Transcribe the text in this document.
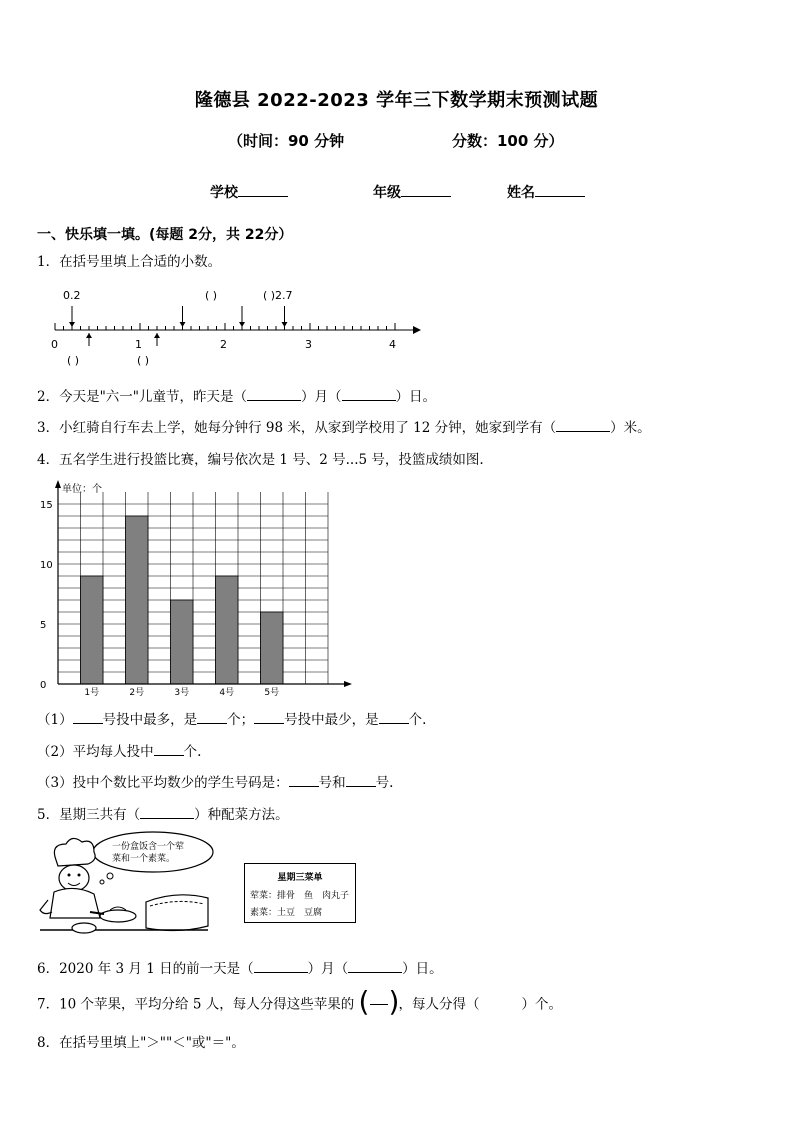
隆德县 2022-2023 学年三下数学期末预测试题
（时间：90 分钟	分数：100 分）
学校	年级	姓名
一、快乐填一填。(每题 2分，共 22分）
1．在括号里填上合适的小数。
0.2	( )	( ) 2.7
0	1	2	3	4
( )	( )
2．今天是"六一"儿童节，昨天是（	）月（	）日。
3．小红骑自行车去上学，她每分钟行 98 米，从家到学校用了 12 分钟，她家到学有（	）米。
4．五名学生进行投篮比赛，编号依次是 1 号、2 号...5 号，投篮成绩如图.
单位：个
0
5
10
15
1号	2号	3号	4号	5号
（1） 号投中最多，是 个； 号投中最少，是 个.
（2）平均每人投中 个.
（3）投中个数比平均数少的学生号码是： 号和 号.
5．星期三共有（	）种配菜方法。
一份盒饭含一个荤
菜和一个素菜。
星期三菜单
荤菜：排骨　鱼　肉丸子
素菜：土豆　豆腐
6．2020 年 3 月 1 日的前一天是（	）月（	）日。
7．10 个苹果，平均分给 5 人，每人分得这些苹果的 ( ) ，每人分得（	）个。
8．在括号里填上"＞""＜"或"＝"。
